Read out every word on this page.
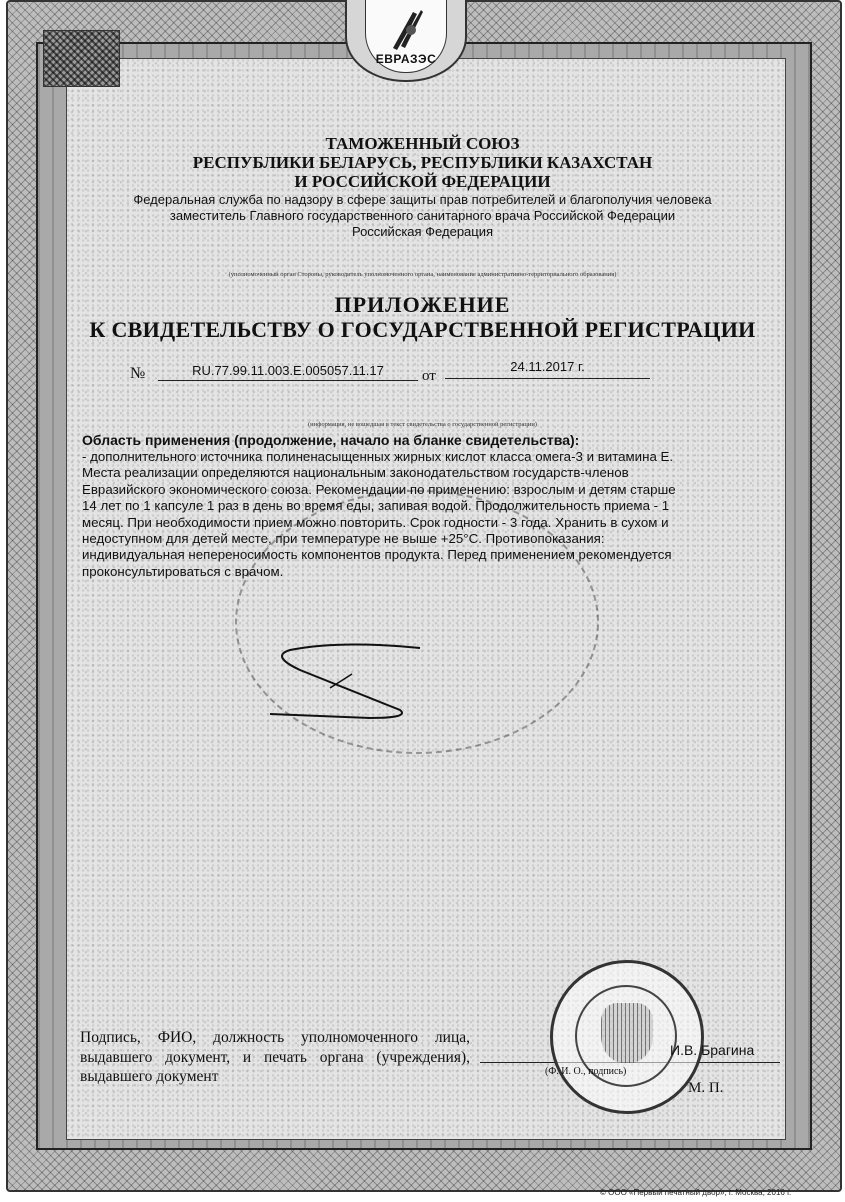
ЕВРАЗЭС
ТАМОЖЕННЫЙ СОЮЗ
РЕСПУБЛИКИ БЕЛАРУСЬ, РЕСПУБЛИКИ КАЗАХСТАН
И РОССИЙСКОЙ ФЕДЕРАЦИИ
Федеральная служба по надзору в сфере защиты прав потребителей и благополучия человека
заместитель Главного государственного санитарного врача Российской Федерации
Российская Федерация
(уполномоченный орган Стороны, руководитель уполномоченного органа, наименование административно-территориального образования)
ПРИЛОЖЕНИЕ
К СВИДЕТЕЛЬСТВУ О ГОСУДАРСТВЕННОЙ РЕГИСТРАЦИИ
№	RU.77.99.11.003.E.005057.11.17	от
24.11.2017 г.
(информация, не вошедшая в текст свидетельства о государственной регистрации)
Область применения (продолжение, начало на бланке свидетельства):
- дополнительного источника полиненасыщенных жирных кислот класса омега-3 и витамина Е.
Места реализации определяются национальным законодательством государств-членов
Евразийского экономического союза. Рекомендации по применению: взрослым и детям старше
14 лет по 1 капсуле 1 раз в день во время еды, запивая водой. Продолжительность приема - 1
месяц. При необходимости прием можно повторить. Срок годности - 3 года. Хранить в сухом и
недоступном для детей месте, при температуре не выше +25°С. Противопоказания:
индивидуальная непереносимость компонентов продукта. Перед применением рекомендуется
проконсультироваться с врачом.
Подпись, ФИО, должность уполномоченного лица, выдавшего документ, и печать органа (учреждения), выдавшего документ
И.В. Брагина
(Ф. И. О., подпись)
М. П.
© ООО «Первый печатный двор», г. Москва, 2016 г.
